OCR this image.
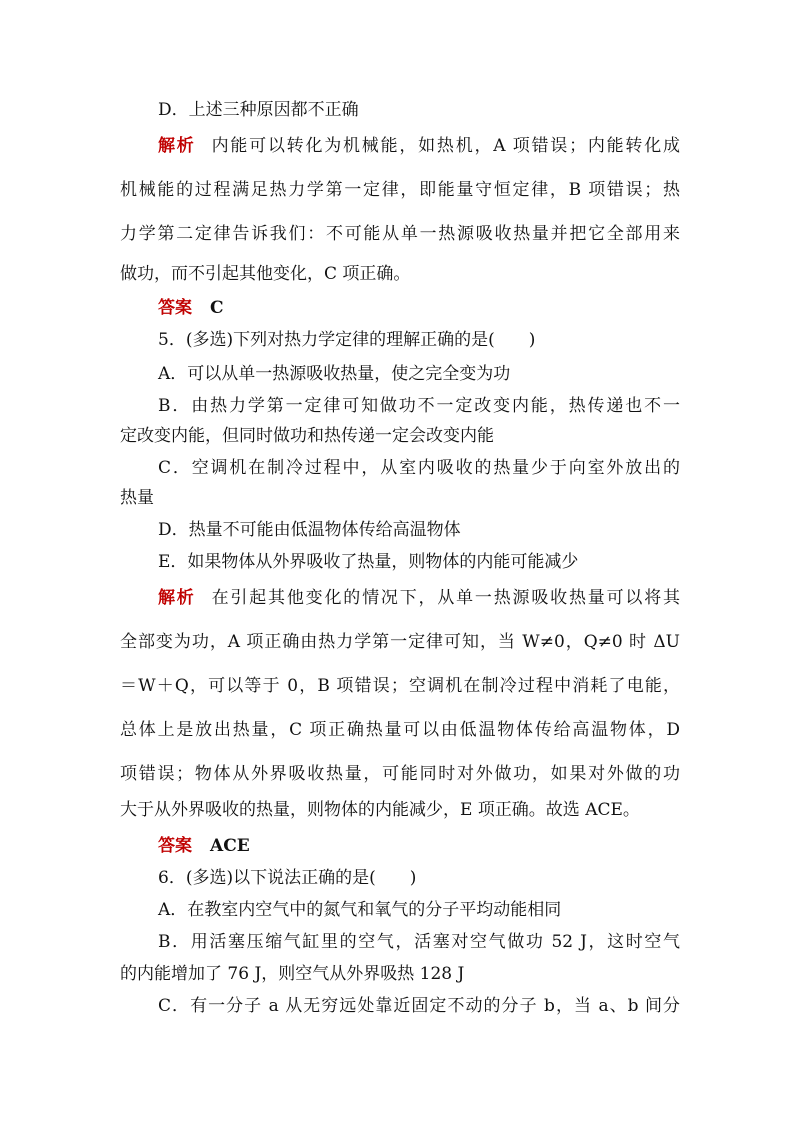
D．上述三种原因都不正确
解析 内能可以转化为机械能，如热机，A 项错误；内能转化成
机械能的过程满足热力学第一定律，即能量守恒定律，B 项错误；热
力学第二定律告诉我们：不可能从单一热源吸收热量并把它全部用来
做功，而不引起其他变化，C 项正确。
答案 C
5．(多选)下列对热力学定律的理解正确的是(　　)
A．可以从单一热源吸收热量，使之完全变为功
B．由热力学第一定律可知做功不一定改变内能，热传递也不一
定改变内能，但同时做功和热传递一定会改变内能
C．空调机在制冷过程中，从室内吸收的热量少于向室外放出的
热量
D．热量不可能由低温物体传给高温物体
E．如果物体从外界吸收了热量，则物体的内能可能减少
解析 在引起其他变化的情况下，从单一热源吸收热量可以将其
全部变为功，A 项正确由热力学第一定律可知，当 W≠0，Q≠0 时 ΔU
＝W＋Q，可以等于 0，B 项错误；空调机在制冷过程中消耗了电能，
总体上是放出热量，C 项正确热量可以由低温物体传给高温物体，D
项错误；物体从外界吸收热量，可能同时对外做功，如果对外做的功
大于从外界吸收的热量，则物体的内能减少，E 项正确。故选 ACE。
答案 ACE
6．(多选)以下说法正确的是(　　)
A．在教室内空气中的氮气和氧气的分子平均动能相同
B．用活塞压缩气缸里的空气，活塞对空气做功 52 J，这时空气
的内能增加了 76 J，则空气从外界吸热 128 J
C．有一分子 a 从无穷远处靠近固定不动的分子 b，当 a、b 间分
